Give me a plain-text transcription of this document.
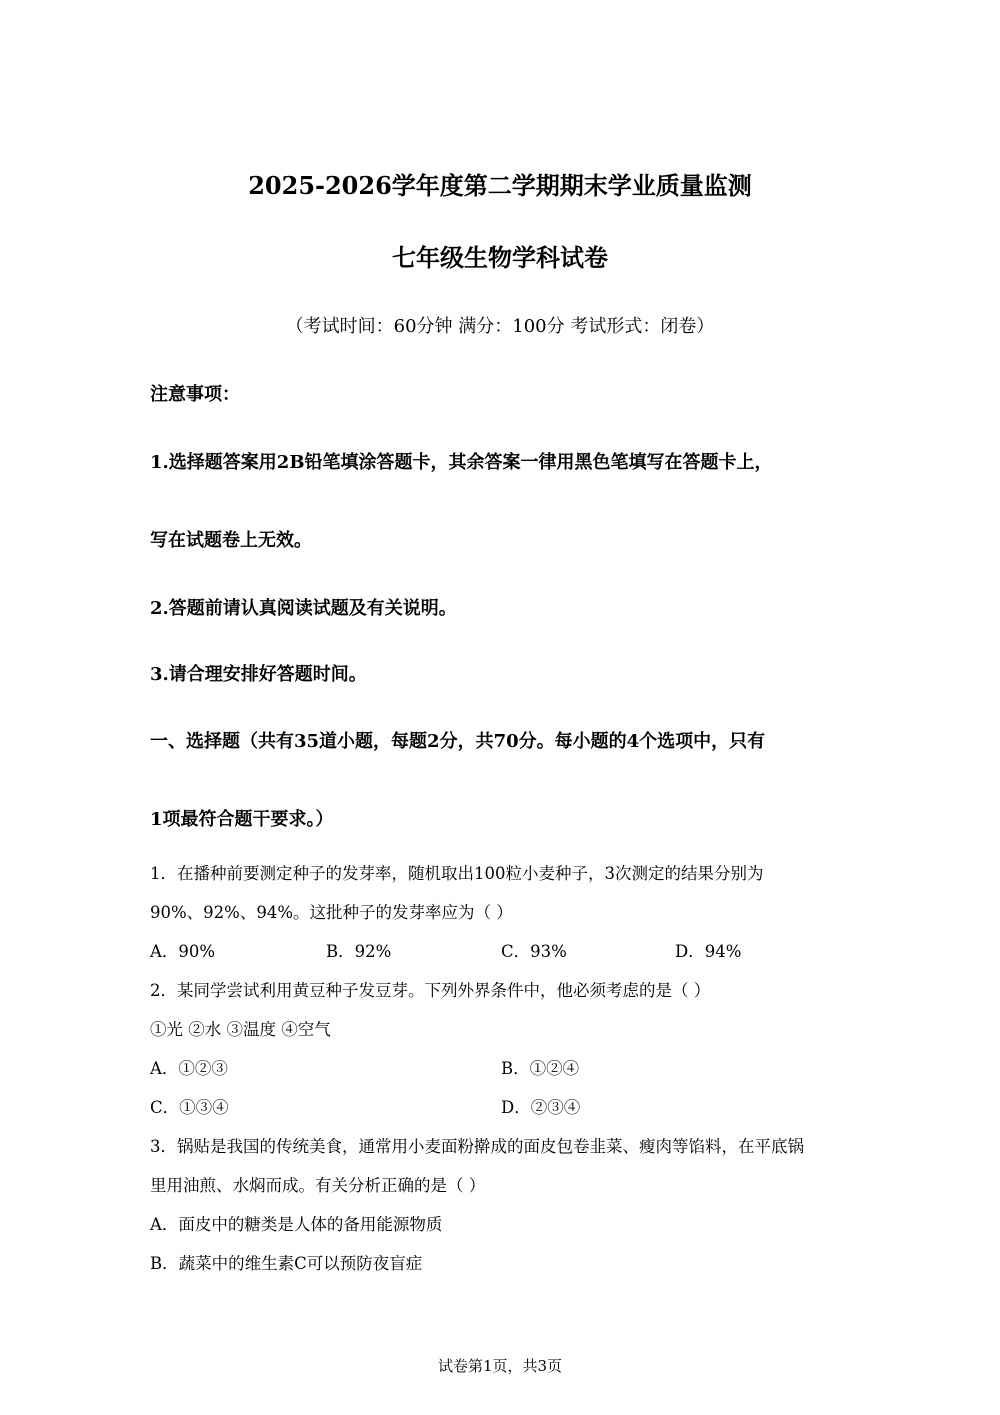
2025-2026学年度第二学期期末学业质量监测
七年级生物学科试卷
（考试时间：60分钟 满分：100分 考试形式：闭卷）
注意事项：
1.选择题答案用2B铅笔填涂答题卡，其余答案一律用黑色笔填写在答题卡上，
写在试题卷上无效。
2.答题前请认真阅读试题及有关说明。
3.请合理安排好答题时间。
一、选择题（共有35道小题，每题2分，共70分。每小题的4个选项中，只有
1项最符合题干要求。）
1．在播种前要测定种子的发芽率，随机取出100粒小麦种子，3次测定的结果分别为
90%、92%、94%。这批种子的发芽率应为（ ）
A．90%	B．92%	C．93%	D．94%
2．某同学尝试利用黄豆种子发豆芽。下列外界条件中，他必须考虑的是（ ）
①光 ②水 ③温度 ④空气
A．①②③	B．①②④
C．①③④	D．②③④
3．锅贴是我国的传统美食，通常用小麦面粉擀成的面皮包卷韭菜、瘦肉等馅料，在平底锅
里用油煎、水焖而成。有关分析正确的是（ ）
A．面皮中的糖类是人体的备用能源物质
B．蔬菜中的维生素C可以预防夜盲症
试卷第1页，共3页
